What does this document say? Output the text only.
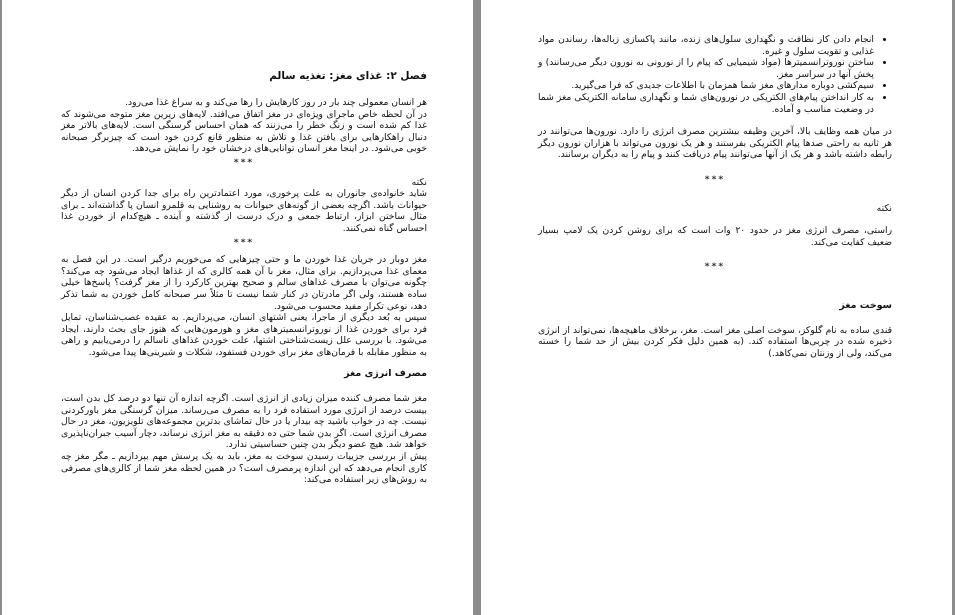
فصل ۲: غذای مغز: تغذیه سالم

هر انسان معمولی چند بار در روز کارهایش را رها می‌کند و به سراغ غذا می‌رود.

در آن لحظه خاص ماجرای ویژه‌ای در مغز اتفاق می‌افتد. لایه‌های زیرین مغز متوجه می‌شوند که غذا کم شده است و زنگ خطر را می‌زنند که همان احساس گرسنگی است. لایه‌های بالاتر مغز دنبال راهکارهایی برای یافتن غذا و تلاش به منظور قانع کردن خود است که چیزبرگر صبحانه خوبی می‌شود. در اینجا مغز انسان توانایی‌های درخشان خود را نمایش می‌دهد.

***

نکته

شاید خانواده‌ی جانوران به علت پرخوری، مورد اعتمادترین راه برای جدا کردن انسان از دیگر حیوانات باشد. اگرچه بعضی از گونه‌های حیوانات به روشنایی به قلمرو انسان پا گذاشته‌اند ـ برای مثال ساختن ابزار، ارتباط جمعی و درک درست از گذشته و آینده ـ هیچ‌کدام از خوردن غذا احساس گناه نمی‌کنند.

***

مغز دوبار در جریان غذا خوردن ما و حتی چیزهایی که می‌خوریم درگیر است. در این فصل به معمای غذا می‌پردازیم. برای مثال، مغز با آن همه کالری که از غذاها ایجاد می‌شود چه می‌کند؟ چگونه می‌توان با مصرف غذاهای سالم و صحیح بهترین کارکرد را از مغز گرفت؟ پاسخ‌ها خیلی ساده هستند، ولی اگر مادرتان در کنار شما نیست تا مثلاً سر صبحانه کامل خوردن به شما تذکر دهد، نوعی تکرار مفید محسوب می‌شود.

سپس به بُعد دیگری از ماجرا، یعنی اشتهای انسان، می‌پردازیم. به عقیده عصب‌شناسان، تمایل فرد برای خوردن غذا از نوروترانسمیترهای مغز و هورمون‌هایی که هنوز جای بحث دارند، ایجاد می‌شود. با بررسی علل زیست‌شناختی اشتها، علت خوردن غذاهای ناسالم را درمی‌یابیم و راهی به منظور مقابله با فرمان‌های مغز برای خوردن فستفود، شکلات و شیرینی‌ها پیدا می‌شود.

مصرف انرژی مغز

مغز شما مصرف کننده میزان زیادی از انرژی است. اگرچه اندازه آن تنها دو درصد کل بدن است، بیست درصد از انرژی مورد استفاده فرد را به مصرف می‌رساند. میزان گرسنگی مغز باورکردنی نیست. چه در خواب باشید چه بیدار یا در حال تماشای بدترین مجموعه‌های تلویزیون، مغز در حال مصرف انرژی است. اگر بدن شما حتی ده دقیقه به مغز انرژی نرساند، دچار آسیب جبران‌ناپذیری خواهد شد. هیچ عضو دیگر بدن چنین حساسیتی ندارد.

پیش از بررسی جزییات رسیدن سوخت به مغز، باید به یک پرسش مهم بپردازیم ـ مگر مغز چه کاری انجام می‌دهد که این اندازه پرمصرف است؟ در همین لحظه مغز شما از کالری‌های مصرفی به روش‌های زیر استفاده می‌کند:

• انجام دادن کار نظافت و نگهداری سلول‌های زنده، مانند پاکسازی زباله‌ها، رساندن مواد غذایی و تقویت سلول و غیره.
• ساختن نوروترانسمیترها (مواد شیمیایی که پیام را از نورونی به نورون دیگر می‌رسانند) و پخش آنها در سراسر مغز.
• سیم‌کشی دوباره مدارهای مغز شما همزمان با اطلاعات جدیدی که فرا می‌گیرید.
• به کار انداختن پیام‌های الکتریکی در نورون‌های شما و نگهداری سامانه الکتریکی مغز شما در وضعیت مناسب و آماده.

در میان همه وظایف بالا، آخرین وظیفه بیشترین مصرف انرژی را دارد. نورون‌ها می‌توانند در هر ثانیه به راحتی صدها پیام الکتریکی بفرستند و هر یک نورون می‌تواند با هزاران نورون دیگر رابطه داشته باشد و هر یک از آنها می‌توانند پیام دریافت کنند و پیام را به دیگران برسانند.

***

نکته

راستی، مصرف انرژی مغز در حدود ۲۰ وات است که برای روشن کردن یک لامپ بسیار ضعیف کفایت می‌کند.

***
سوخت مغز

قندی ساده به نام گلوکز، سوخت اصلی مغز است. مغز، برخلاف ماهیچه‌ها، نمی‌تواند از انرژی ذخیره شده در چربی‌ها استفاده کند. (به همین دلیل فکر کردن بیش از حد شما را خسته می‌کند، ولی از وزنتان نمی‌کاهد.)
